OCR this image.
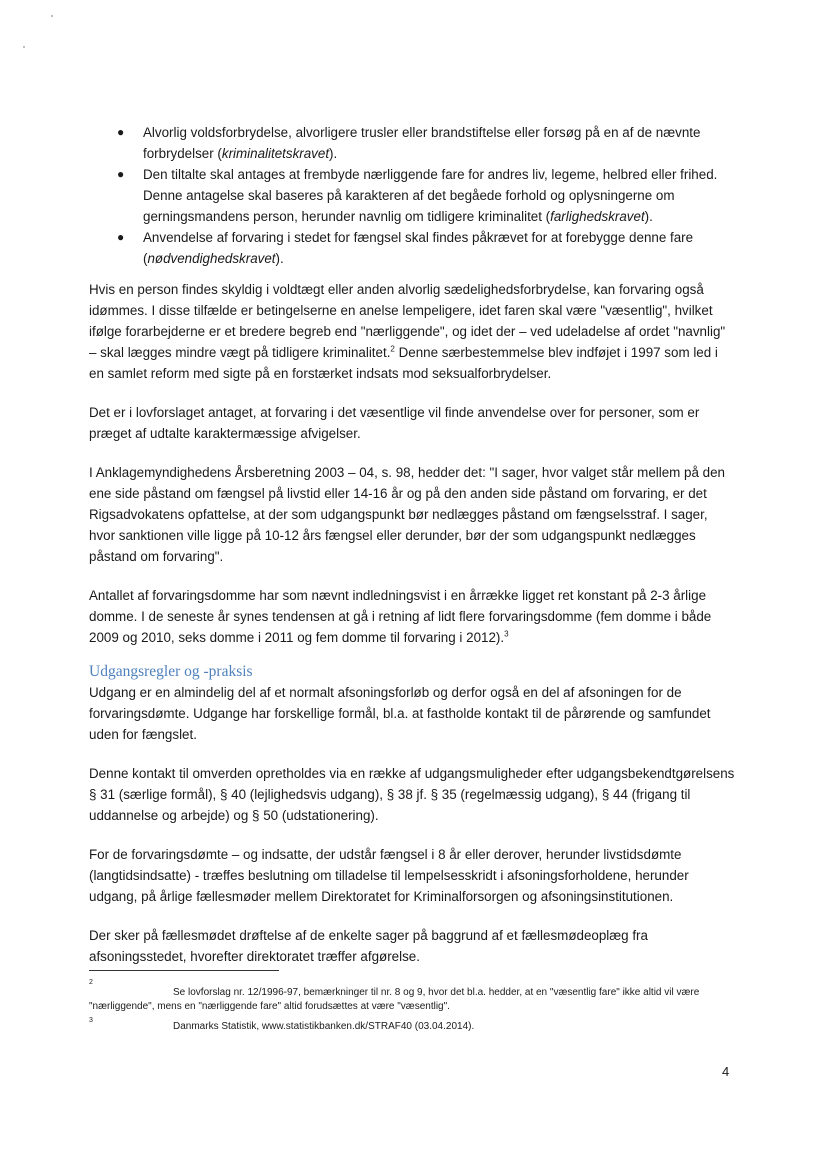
● Alvorlig voldsforbrydelse, alvorligere trusler eller brandstiftelse eller forsøg på en af de nævnte forbrydelser (kriminalitetskravet).
● Den tiltalte skal antages at frembyde nærliggende fare for andres liv, legeme, helbred eller frihed. Denne antagelse skal baseres på karakteren af det begåede forhold og oplysningerne om gerningsmandens person, herunder navnlig om tidligere kriminalitet (farlighedskravet).
● Anvendelse af forvaring i stedet for fængsel skal findes påkrævet for at forebygge denne fare (nødvendighedskravet).

Hvis en person findes skyldig i voldtægt eller anden alvorlig sædelighedsforbrydelse, kan forvaring også idømmes. I disse tilfælde er betingelserne en anelse lempeligere, idet faren skal være "væsentlig", hvilket ifølge forarbejderne er et bredere begreb end "nærliggende", og idet der – ved udeladelse af ordet "navnlig" – skal lægges mindre vægt på tidligere kriminalitet.$^2$ Denne særbestemmelse blev indføjet i 1997 som led i en samlet reform med sigte på en forstærket indsats mod seksualforbrydelser.

Det er i lovforslaget antaget, at forvaring i det væsentlige vil finde anvendelse over for personer, som er præget af udtalte karaktermæssige afvigelser.

I Anklagemyndighedens Årsberetning 2003 – 04, s. 98, hedder det: "I sager, hvor valget står mellem på den ene side påstand om fængsel på livstid eller 14-16 år og på den anden side påstand om forvaring, er det Rigsadvokatens opfattelse, at der som udgangspunkt bør nedlægges påstand om fængselsstraf. I sager, hvor sanktionen ville ligge på 10-12 års fængsel eller derunder, bør der som udgangspunkt nedlægges påstand om forvaring".

Antallet af forvaringsdomme har som nævnt indledningsvist i en årrække ligget ret konstant på 2-3 årlige domme. I de seneste år synes tendensen at gå i retning af lidt flere forvaringsdomme (fem domme i både 2009 og 2010, seks domme i 2011 og fem domme til forvaring i 2012).$^3$

Udgangsregler og -praksis

Udgang er en almindelig del af et normalt afsoningsforløb og derfor også en del af afsoningen for de forvaringsdømte. Udgange har forskellige formål, bl.a. at fastholde kontakt til de pårørende og samfundet uden for fængslet.

Denne kontakt til omverden opretholdes via en række af udgangsmuligheder efter udgangsbekendtgørelsens § 31 (særlige formål), § 40 (lejlighedsvis udgang), § 38 jf. § 35 (regelmæssig udgang), § 44 (frigang til uddannelse og arbejde) og § 50 (udstationering).

For de forvaringsdømte – og indsatte, der udstår fængsel i 8 år eller derover, herunder livstidsdømte (langtidsindsatte) - træffes beslutning om tilladelse til lempelsesskridt i afsoningsforholdene, herunder udgang, på årlige fællesmøder mellem Direktoratet for Kriminalforsorgen og afsoningsinstitutionen.

Der sker på fællesmødet drøftelse af de enkelte sager på baggrund af et fællesmødeoplæg fra afsoningsstedet, hvorefter direktoratet træffer afgørelse.

2
Se lovforslag nr. 12/1996-97, bemærkninger til nr. 8 og 9, hvor det bl.a. hedder, at en "væsentlig fare" ikke altid vil være "nærliggende", mens en "nærliggende fare" altid forudsættes at være "væsentlig".
3
Danmarks Statistik, www.statistikbanken.dk/STRAF40 (03.04.2014).
4
